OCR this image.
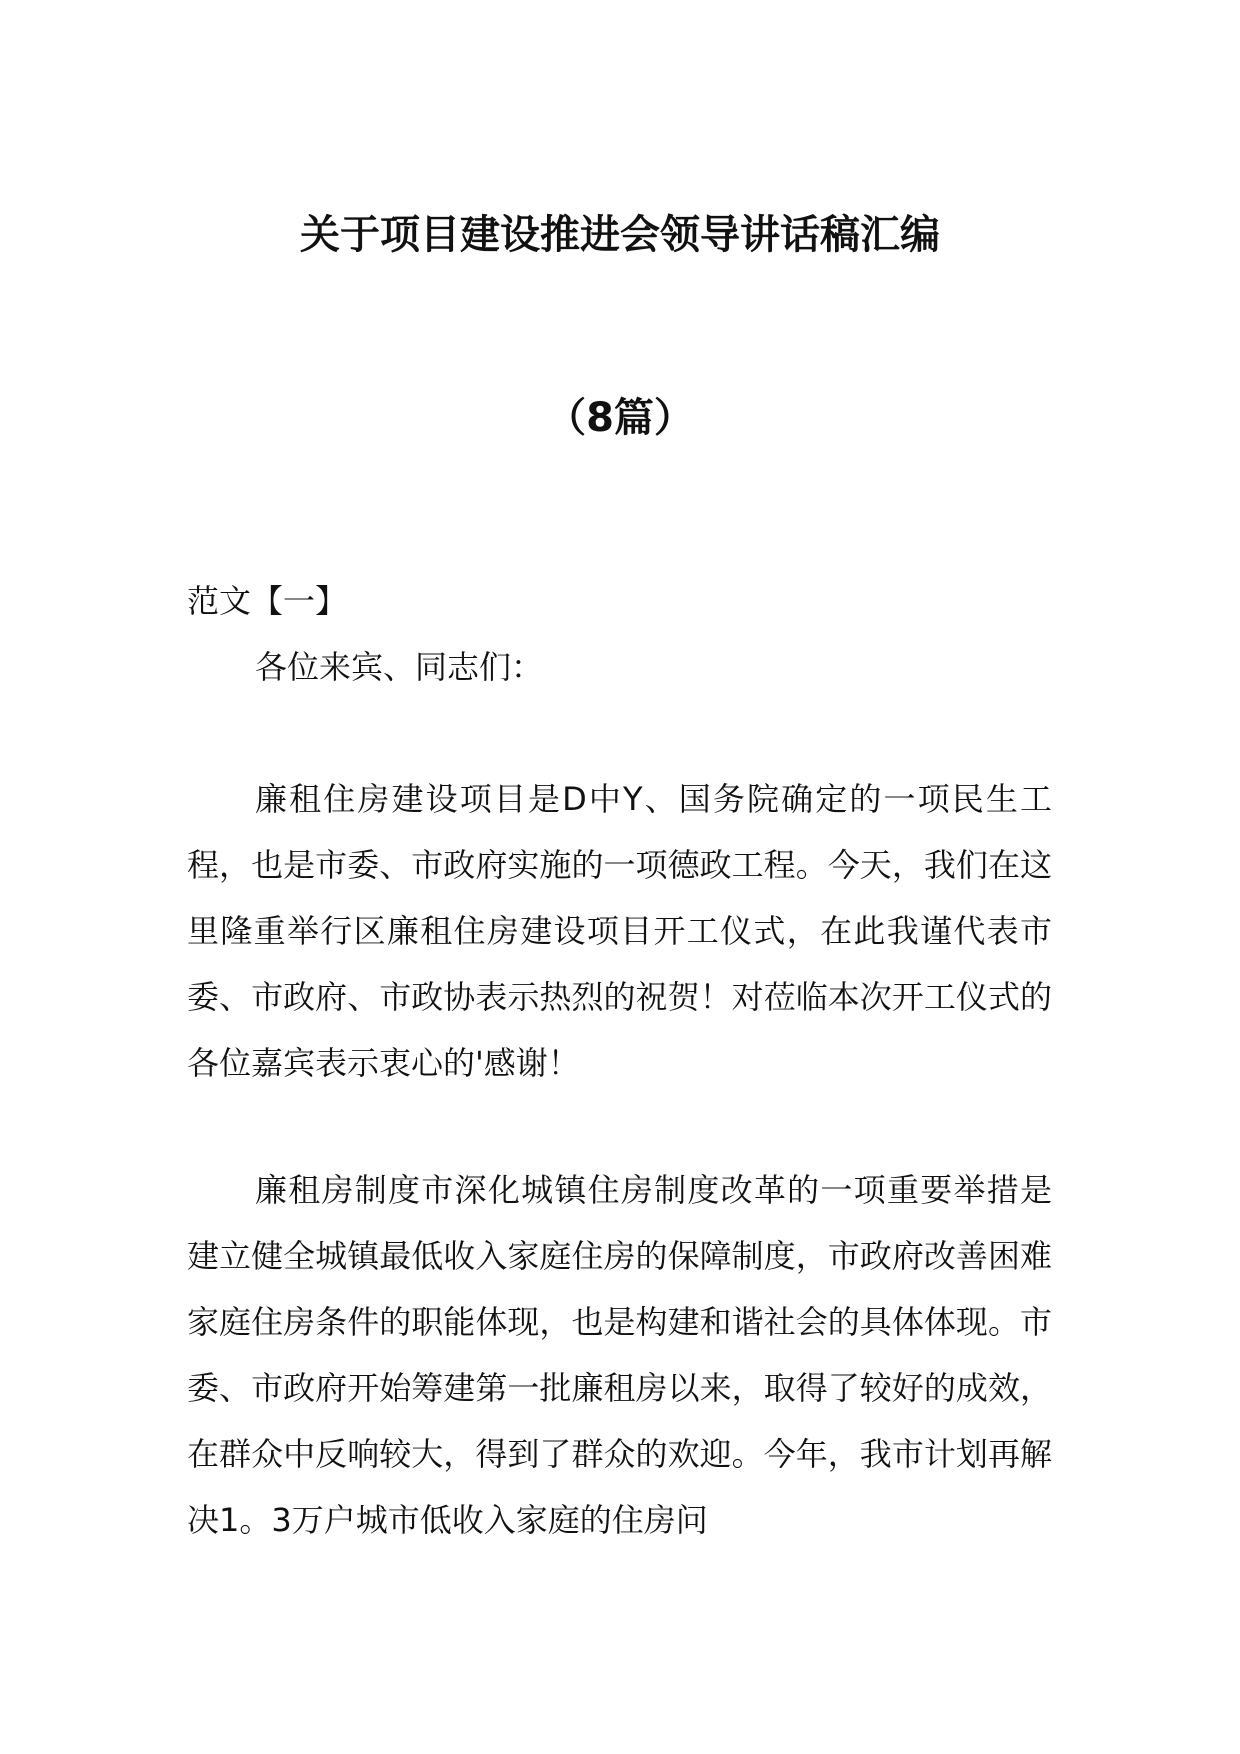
关于项目建设推进会领导讲话稿汇编
（8篇）
范文【一】
各位来宾、同志们：
廉租住房建设项目是D中Y、国务院确定的一项民生工程，也是市委、市政府实施的一项德政工程。今天，我们在这里隆重举行区廉租住房建设项目开工仪式，在此我谨代表市委、市政府、市政协表示热烈的祝贺！对莅临本次开工仪式的各位嘉宾表示衷心的'感谢！
廉租房制度市深化城镇住房制度改革的一项重要举措是建立健全城镇最低收入家庭住房的保障制度，市政府改善困难家庭住房条件的职能体现，也是构建和谐社会的具体体现。市委、市政府开始筹建第一批廉租房以来，取得了较好的成效，在群众中反响较大，得到了群众的欢迎。今年，我市计划再解决1。3万户城市低收入家庭的住房问
